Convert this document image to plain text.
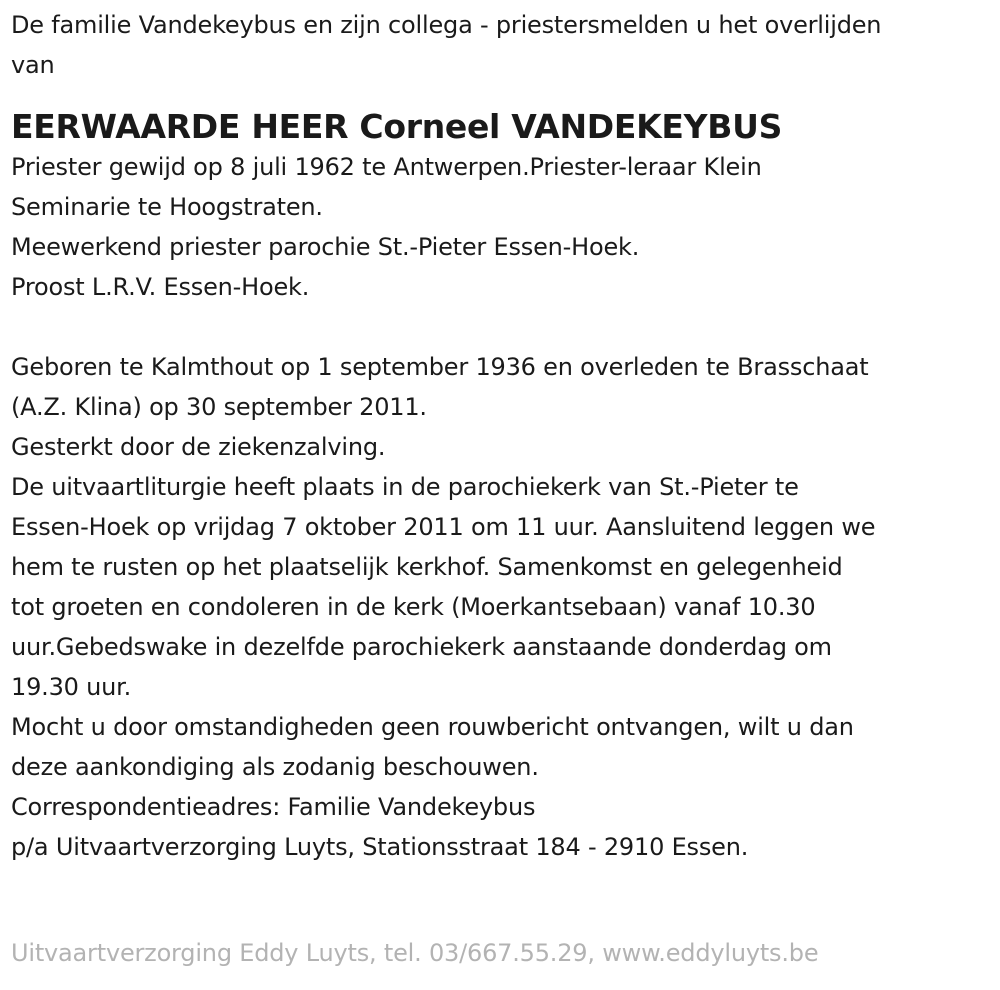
De familie Vandekeybus en zijn collega - priestersmelden u het overlijden
van
EERWAARDE HEER Corneel VANDEKEYBUS
Priester gewijd op 8 juli 1962 te Antwerpen.Priester-leraar Klein
Seminarie te Hoogstraten.
Meewerkend priester parochie St.-Pieter Essen-Hoek.
Proost L.R.V. Essen-Hoek.
Geboren te Kalmthout op 1 september 1936 en overleden te Brasschaat
(A.Z. Klina) op 30 september 2011.
Gesterkt door de ziekenzalving.
De uitvaartliturgie heeft plaats in de parochiekerk van St.-Pieter te
Essen-Hoek op vrijdag 7 oktober 2011 om 11 uur. Aansluitend leggen we
hem te rusten op het plaatselijk kerkhof. Samenkomst en gelegenheid
tot groeten en condoleren in de kerk (Moerkantsebaan) vanaf 10.30
uur.Gebedswake in dezelfde parochiekerk aanstaande donderdag om
19.30 uur.
Mocht u door omstandigheden geen rouwbericht ontvangen, wilt u dan
deze aankondiging als zodanig beschouwen.
Correspondentieadres: Familie Vandekeybus
p/a Uitvaartverzorging Luyts, Stationsstraat 184 - 2910 Essen.
Uitvaartverzorging Eddy Luyts, tel. 03/667.55.29, www.eddyluyts.be
